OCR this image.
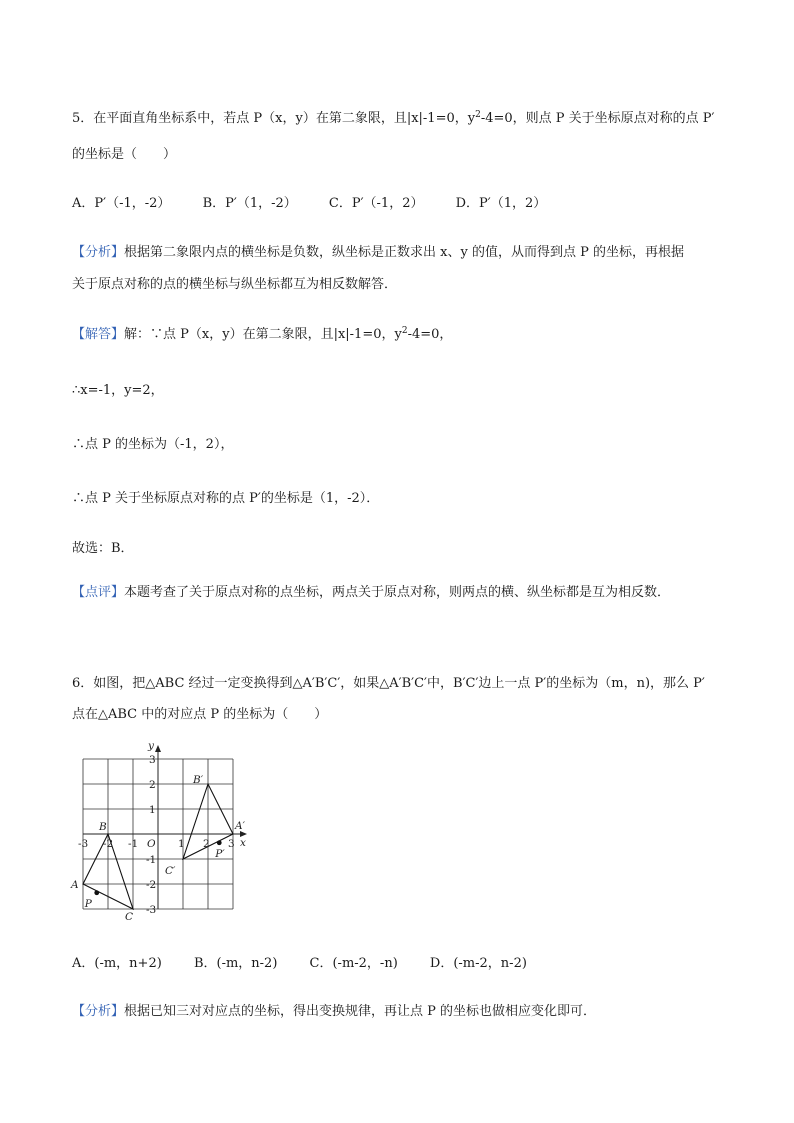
5．在平面直角坐标系中，若点 P（x，y）在第二象限，且|x|-1=0，$y^2-4=0$，则点 P 关于坐标原点对称的点 P′
的坐标是（　　）
A．P′（-1，-2） B．P′（1，-2） C．P′（-1，2） D．P′（1，2）
【分析】根据第二象限内点的横坐标是负数，纵坐标是正数求出 x、y 的值，从而得到点 P 的坐标，再根据
关于原点对称的点的横坐标与纵坐标都互为相反数解答．
【解答】解：∵点 P（x，y）在第二象限，且|x|-1=0，$y^2-4=0$，
∴x=-1，y=2，
∴点 P 的坐标为（-1，2），
∴点 P 关于坐标原点对称的点 P′的坐标是（1，-2）．
故选：B．
【点评】本题考查了关于原点对称的点坐标，两点关于原点对称，则两点的横、纵坐标都是互为相反数．
6．如图，把△ABC 经过一定变换得到△A′B′C′，如果△A′B′C′中，B′C′边上一点 P′的坐标为（m，n)，那么 P′
点在△ABC 中的对应点 P 的坐标为（　　）
x
y
O
-3 -2 -1	1 2 3
3
2
1
-1
-2
-3
A
B
C
P
A′
B′
C′
P′
A．(-m，n+2) B．(-m，n-2) C．(-m-2，-n) D．(-m-2，n-2)
【分析】根据已知三对对应点的坐标，得出变换规律，再让点 P 的坐标也做相应变化即可．
